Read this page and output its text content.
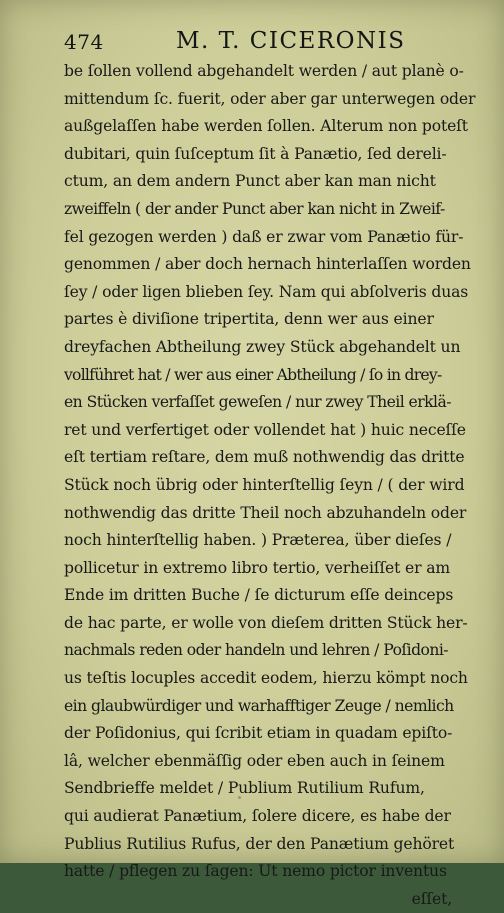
474	M. T. CICERONIS
be ſollen vollend abgehandelt werden / aut planè o-
mittendum ſc. fuerit, oder aber gar unterwegen oder
außgelaſſen habe werden ſollen. Alterum non poteſt
dubitari, quin ſuſceptum ſit à Panætio, ſed dereli-
ctum, an dem andern Punct aber kan man nicht
zweiffeln ( der ander Punct aber kan nicht in Zweif-
fel gezogen werden ) daß er zwar vom Panætio für-
genommen / aber doch hernach hinterlaſſen worden
ſey / oder ligen blieben ſey. Nam qui abſolveris duas
partes è diviſione tripertita, denn wer aus einer
dreyfachen Abtheilung zwey Stück abgehandelt un
vollführet hat / wer aus einer Abtheilung / ſo in drey-
en Stücken verfaſſet geweſen / nur zwey Theil erklä-
ret und verfertiget oder vollendet hat ) huic neceſſe
eſt tertiam reſtare, dem muß nothwendig das dritte
Stück noch übrig oder hinterſtellig ſeyn / ( der wird
nothwendig das dritte Theil noch abzuhandeln oder
noch hinterſtellig haben. ) Præterea, über dieſes /
pollicetur in extremo libro tertio, verheiſſet er am
Ende im dritten Buche / ſe dicturum eſſe deinceps
de hac parte, er wolle von dieſem dritten Stück her-
nachmals reden oder handeln und lehren / Poſidoni-
us teſtis locuples accedit eodem, hierzu kömpt noch
ein glaubwürdiger und warhafftiger Zeuge / nemlich
der Poſidonius, qui ſcribit etiam in quadam epiſto-
lâ, welcher ebenmäſſig oder eben auch in ſeinem
Sendbrieffe meldet / Publium Rutilium Rufum,
qui audierat Panætium, ſolere dicere, es habe der
Publius Rutilius Rufus, der den Panætium gehöret
hatte / pflegen zu ſagen: Ut nemo pictor inventus
eſſet,
